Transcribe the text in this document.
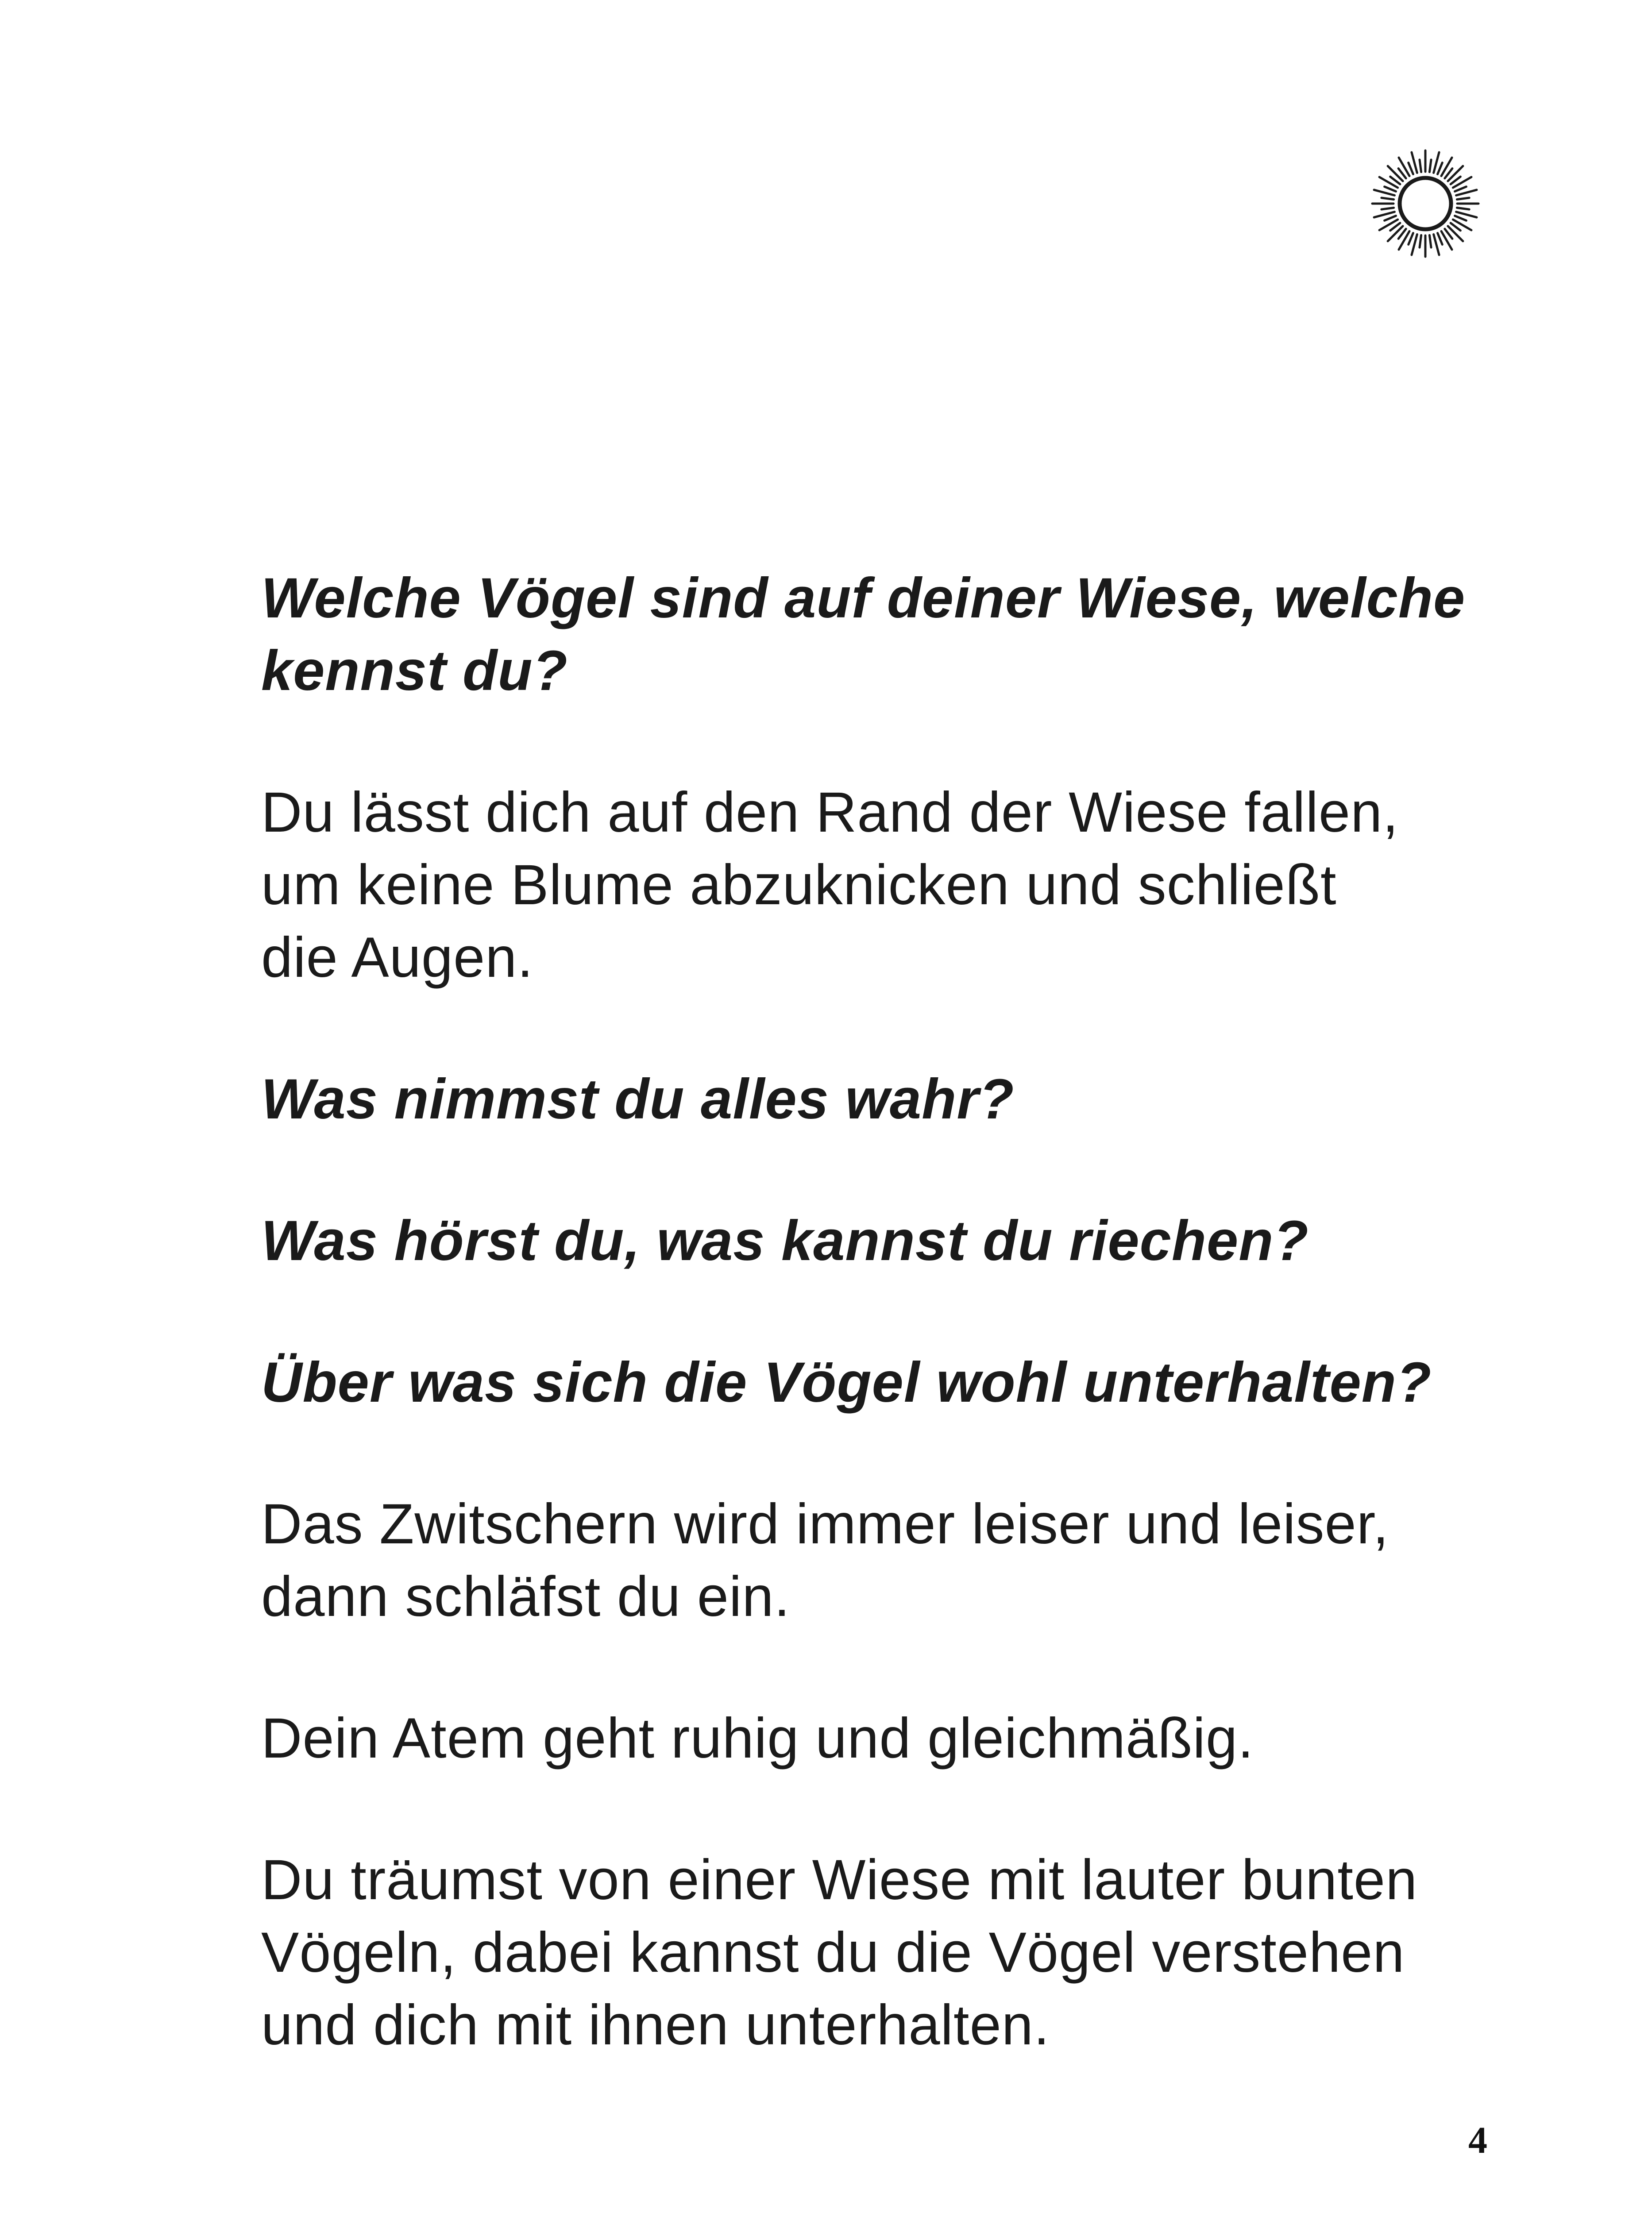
Welche Vögel sind auf deiner Wiese, welche
kennst du?

Du lässt dich auf den Rand der Wiese fallen,
um keine Blume abzuknicken und schließt
die Augen.

Was nimmst du alles wahr?

Was hörst du, was kannst du riechen?

Über was sich die Vögel wohl unterhalten?

Das Zwitschern wird immer leiser und leiser,
dann schläfst du ein.

Dein Atem geht ruhig und gleichmäßig.

Du träumst von einer Wiese mit lauter bunten
Vögeln, dabei kannst du die Vögel verstehen
und dich mit ihnen unterhalten.

4
